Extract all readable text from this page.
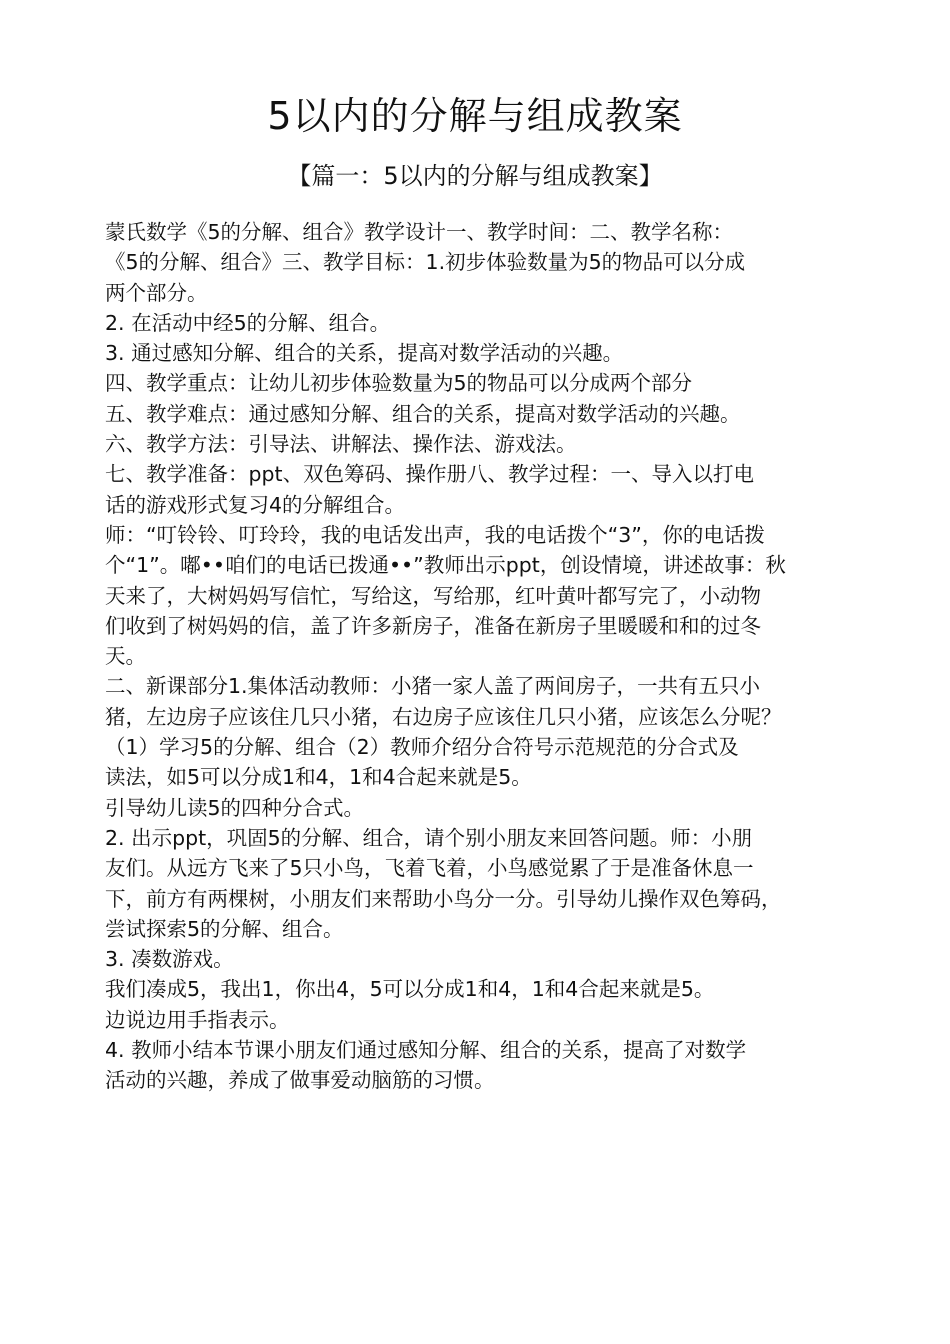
5以内的分解与组成教案
【篇一：5以内的分解与组成教案】
蒙氏数学《5的分解、组合》教学设计一、教学时间：二、教学名称：
《5的分解、组合》三、教学目标：1.初步体验数量为5的物品可以分成
两个部分。
2. 在活动中经5的分解、组合。
3. 通过感知分解、组合的关系，提高对数学活动的兴趣。
四、教学重点：让幼儿初步体验数量为5的物品可以分成两个部分
五、教学难点：通过感知分解、组合的关系，提高对数学活动的兴趣。
六、教学方法：引导法、讲解法、操作法、游戏法。
七、教学准备：ppt、双色筹码、操作册八、教学过程：一、导入以打电
话的游戏形式复习4的分解组合。
师：“叮铃铃、叮玲玲，我的电话发出声，我的电话拨个“3”，你的电话拨
个“1”。嘟••咱们的电话已拨通••”教师出示ppt，创设情境，讲述故事：秋
天来了，大树妈妈写信忙，写给这，写给那，红叶黄叶都写完了，小动物
们收到了树妈妈的信，盖了许多新房子，准备在新房子里暖暖和和的过冬
天。
二、新课部分1.集体活动教师：小猪一家人盖了两间房子，一共有五只小
猪，左边房子应该住几只小猪，右边房子应该住几只小猪，应该怎么分呢？
（1）学习5的分解、组合（2）教师介绍分合符号示范规范的分合式及
读法，如5可以分成1和4，1和4合起来就是5。
引导幼儿读5的四种分合式。
2. 出示ppt，巩固5的分解、组合，请个别小朋友来回答问题。师：小朋
友们。从远方飞来了5只小鸟，飞着飞着，小鸟感觉累了于是准备休息一
下，前方有两棵树，小朋友们来帮助小鸟分一分。引导幼儿操作双色筹码，
尝试探索5的分解、组合。
3. 凑数游戏。
我们凑成5，我出1，你出4，5可以分成1和4，1和4合起来就是5。
边说边用手指表示。
4. 教师小结本节课小朋友们通过感知分解、组合的关系，提高了对数学
活动的兴趣，养成了做事爱动脑筋的习惯。
